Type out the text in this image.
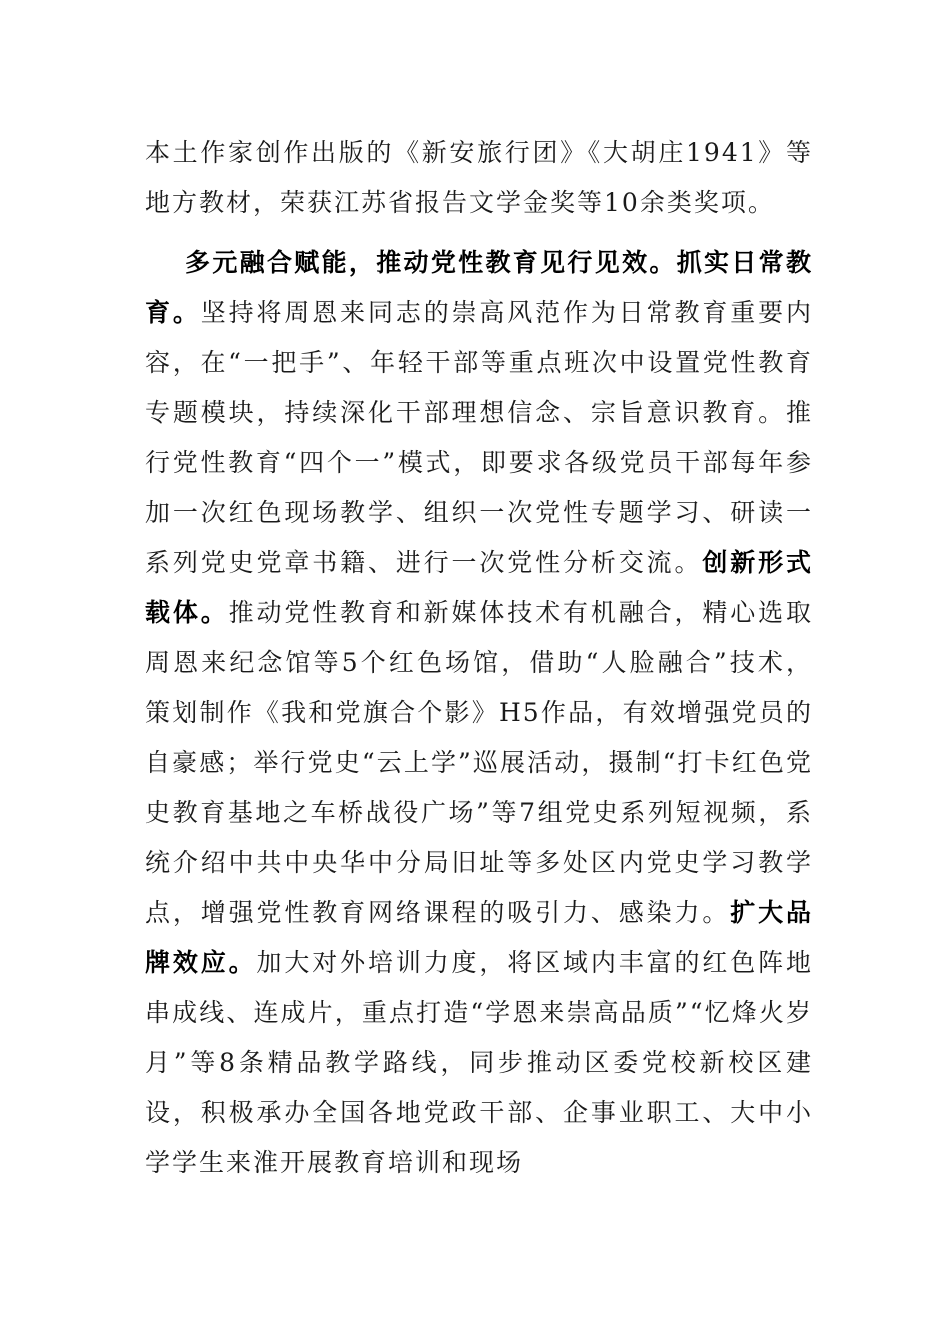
本土作家创作出版的《新安旅行团》《大胡庄1941》等地方教材，荣获江苏省报告文学金奖等10余类奖项。

多元融合赋能，推动党性教育见行见效。抓实日常教育。坚持将周恩来同志的崇高风范作为日常教育重要内容，在“一把手”、年轻干部等重点班次中设置党性教育专题模块，持续深化干部理想信念、宗旨意识教育。推行党性教育“四个一”模式，即要求各级党员干部每年参加一次红色现场教学、组织一次党性专题学习、研读一系列党史党章书籍、进行一次党性分析交流。创新形式载体。推动党性教育和新媒体技术有机融合，精心选取周恩来纪念馆等5个红色场馆，借助“人脸融合”技术，策划制作《我和党旗合个影》H5作品，有效增强党员的自豪感；举行党史“云上学”巡展活动，摄制“打卡红色党史教育基地之车桥战役广场”等7组党史系列短视频，系统介绍中共中央华中分局旧址等多处区内党史学习教学点，增强党性教育网络课程的吸引力、感染力。扩大品牌效应。加大对外培训力度，将区域内丰富的红色阵地串成线、连成片，重点打造“学恩来崇高品质”“忆烽火岁月”等8条精品教学路线，同步推动区委党校新校区建设，积极承办全国各地党政干部、企事业职工、大中小学学生来淮开展教育培训和现场
